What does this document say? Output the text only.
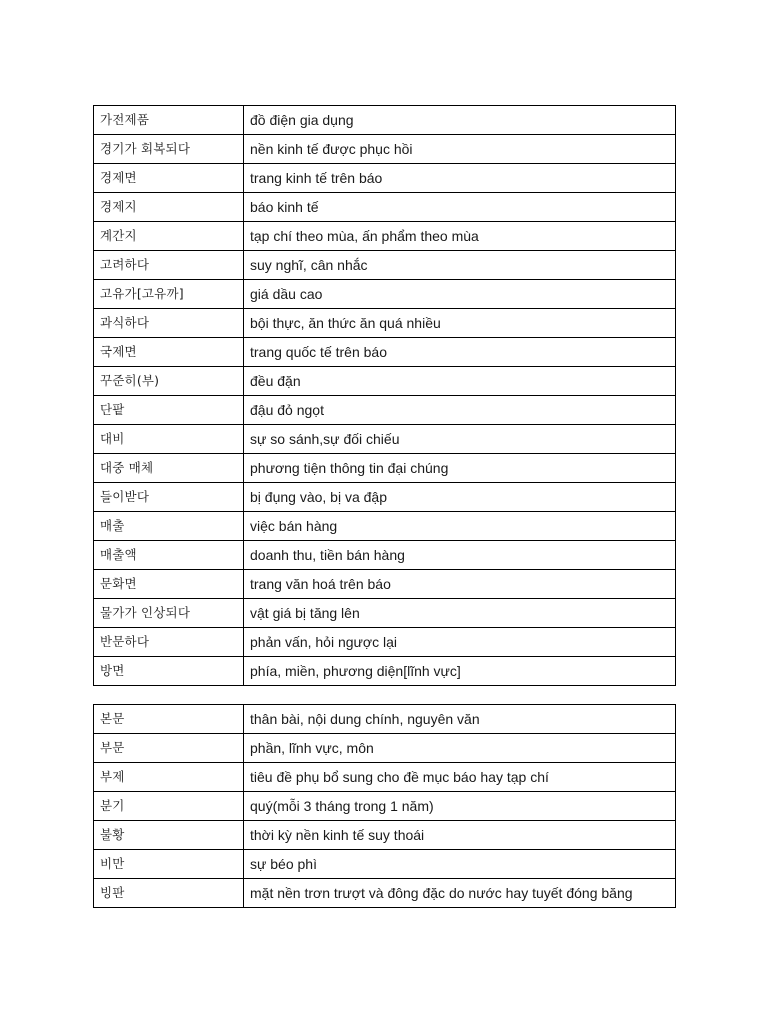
가전제품	đồ điện gia dụng
경기가 회복되다	nền kinh tế được phục hồi
경제면	trang kinh tế trên báo
경제지	báo kinh tế
계간지	tạp chí theo mùa, ấn phẩm theo mùa
고려하다	suy nghĩ, cân nhắc
고유가[고유까]	giá dầu cao
과식하다	bội thực, ăn thức ăn quá nhiều
국제면	trang quốc tế trên báo
꾸준히(부)	đều đặn
단팥	đậu đỏ ngọt
대비	sự so sánh,sự đối chiếu
대중 매체	phương tiện thông tin đại chúng
들이받다	bị đụng vào, bị va đập
매출	việc bán hàng
매출액	doanh thu, tiền bán hàng
문화면	trang văn hoá trên báo
물가가 인상되다	vật giá bị tăng lên
반문하다	phản vấn, hỏi ngược lại
방면	phía, miền, phương diện[lĩnh vực]
본문	thân bài, nội dung chính, nguyên văn
부문	phần, lĩnh vực, môn
부제	tiêu đề phụ bổ sung cho đề mục báo hay tạp chí
분기	quý(mỗi 3 tháng trong 1 năm)
불황	thời kỳ nền kinh tế suy thoái
비만	sự béo phì
빙판	mặt nền trơn trượt và đông đặc do nước hay tuyết đóng băng
